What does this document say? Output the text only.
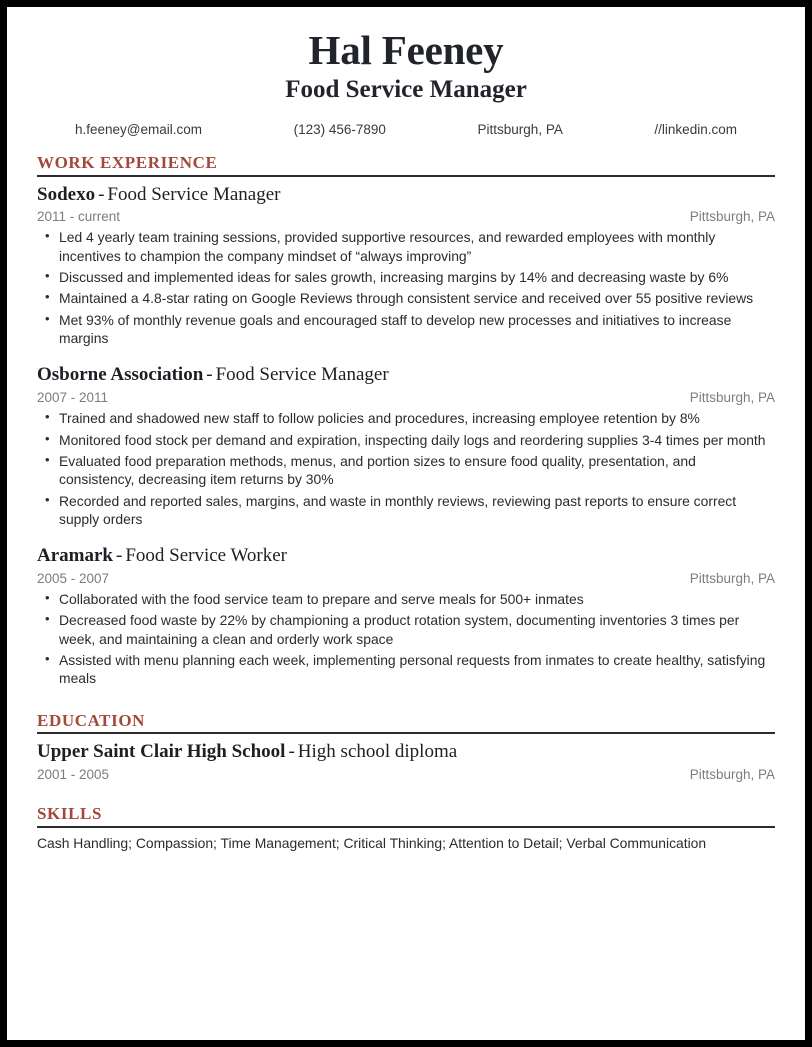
Hal Feeney
Food Service Manager
h.feeney@email.com	(123) 456-7890	Pittsburgh, PA	//linkedin.com
WORK EXPERIENCE
Sodexo - Food Service Manager
2011 - current	Pittsburgh, PA
• Led 4 yearly team training sessions, provided supportive resources, and rewarded employees with monthly incentives to champion the company mindset of “always improving”
• Discussed and implemented ideas for sales growth, increasing margins by 14% and decreasing waste by 6%
• Maintained a 4.8-star rating on Google Reviews through consistent service and received over 55 positive reviews
• Met 93% of monthly revenue goals and encouraged staff to develop new processes and initiatives to increase margins
Osborne Association - Food Service Manager
2007 - 2011	Pittsburgh, PA
• Trained and shadowed new staff to follow policies and procedures, increasing employee retention by 8%
• Monitored food stock per demand and expiration, inspecting daily logs and reordering supplies 3-4 times per month
• Evaluated food preparation methods, menus, and portion sizes to ensure food quality, presentation, and consistency, decreasing item returns by 30%
• Recorded and reported sales, margins, and waste in monthly reviews, reviewing past reports to ensure correct supply orders
Aramark - Food Service Worker
2005 - 2007	Pittsburgh, PA
• Collaborated with the food service team to prepare and serve meals for 500+ inmates
• Decreased food waste by 22% by championing a product rotation system, documenting inventories 3 times per week, and maintaining a clean and orderly work space
• Assisted with menu planning each week, implementing personal requests from inmates to create healthy, satisfying meals
EDUCATION
Upper Saint Clair High School - High school diploma
2001 - 2005	Pittsburgh, PA
SKILLS
Cash Handling; Compassion; Time Management; Critical Thinking; Attention to Detail; Verbal Communication
